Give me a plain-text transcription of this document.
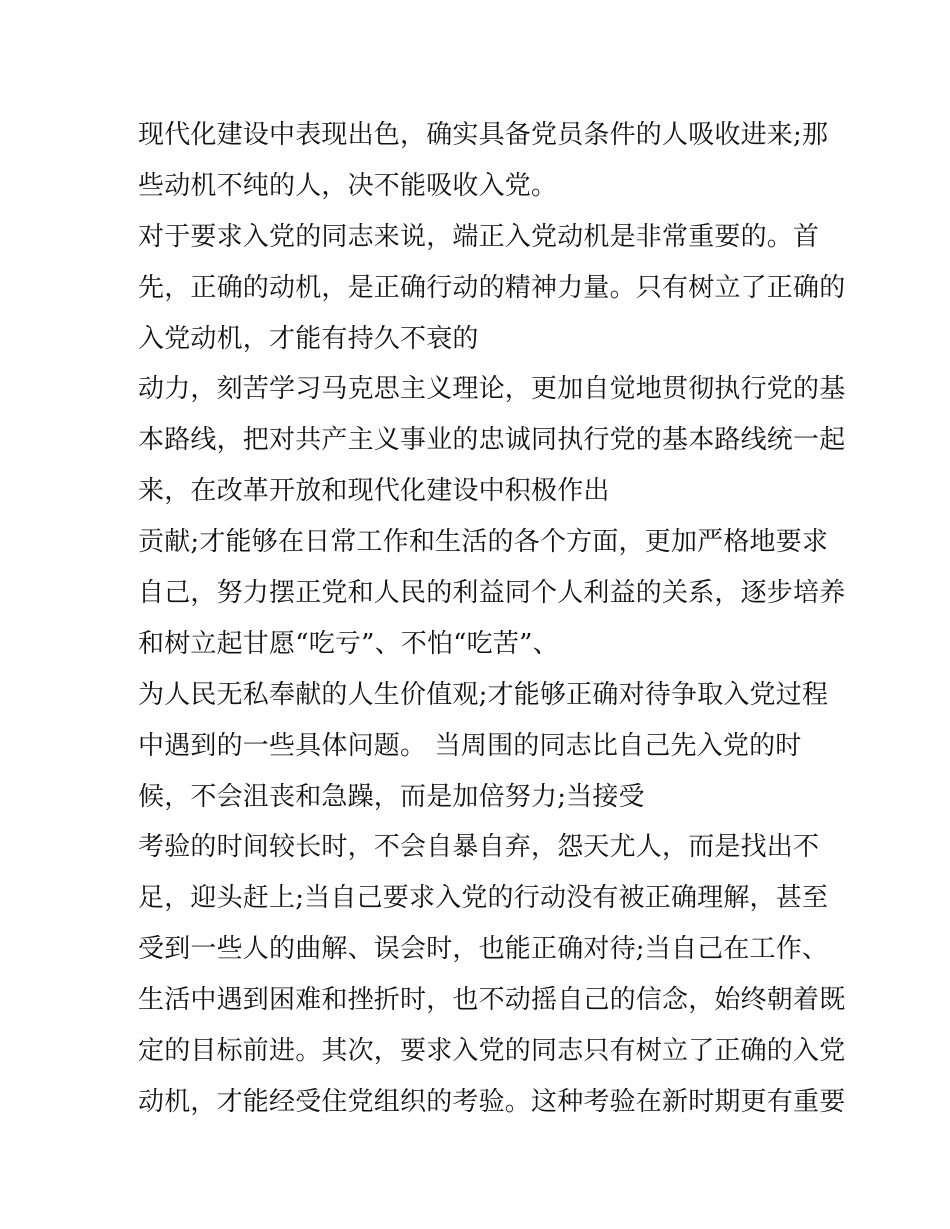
现代化建设中表现出色，确实具备党员条件的人吸收进来;那
些动机不纯的人，决不能吸收入党。
对于要求入党的同志来说，端正入党动机是非常重要的。首
先，正确的动机，是正确行动的精神力量。只有树立了正确的
入党动机，才能有持久不衰的
动力，刻苦学习马克思主义理论，更加自觉地贯彻执行党的基
本路线，把对共产主义事业的忠诚同执行党的基本路线统一起
来，在改革开放和现代化建设中积极作出
贡献;才能够在日常工作和生活的各个方面，更加严格地要求
自己，努力摆正党和人民的利益同个人利益的关系，逐步培养
和树立起甘愿“吃亏”、不怕“吃苦”、
为人民无私奉献的人生价值观;才能够正确对待争取入党过程
中遇到的一些具体问题。 当周围的同志比自己先入党的时
候，不会沮丧和急躁，而是加倍努力;当接受
考验的时间较长时，不会自暴自弃，怨天尤人，而是找出不
足，迎头赶上;当自己要求入党的行动没有被正确理解，甚至
受到一些人的曲解、误会时，也能正确对待;当自己在工作、
生活中遇到困难和挫折时，也不动摇自己的信念，始终朝着既
定的目标前进。其次，要求入党的同志只有树立了正确的入党
动机，才能经受住党组织的考验。这种考验在新时期更有重要
